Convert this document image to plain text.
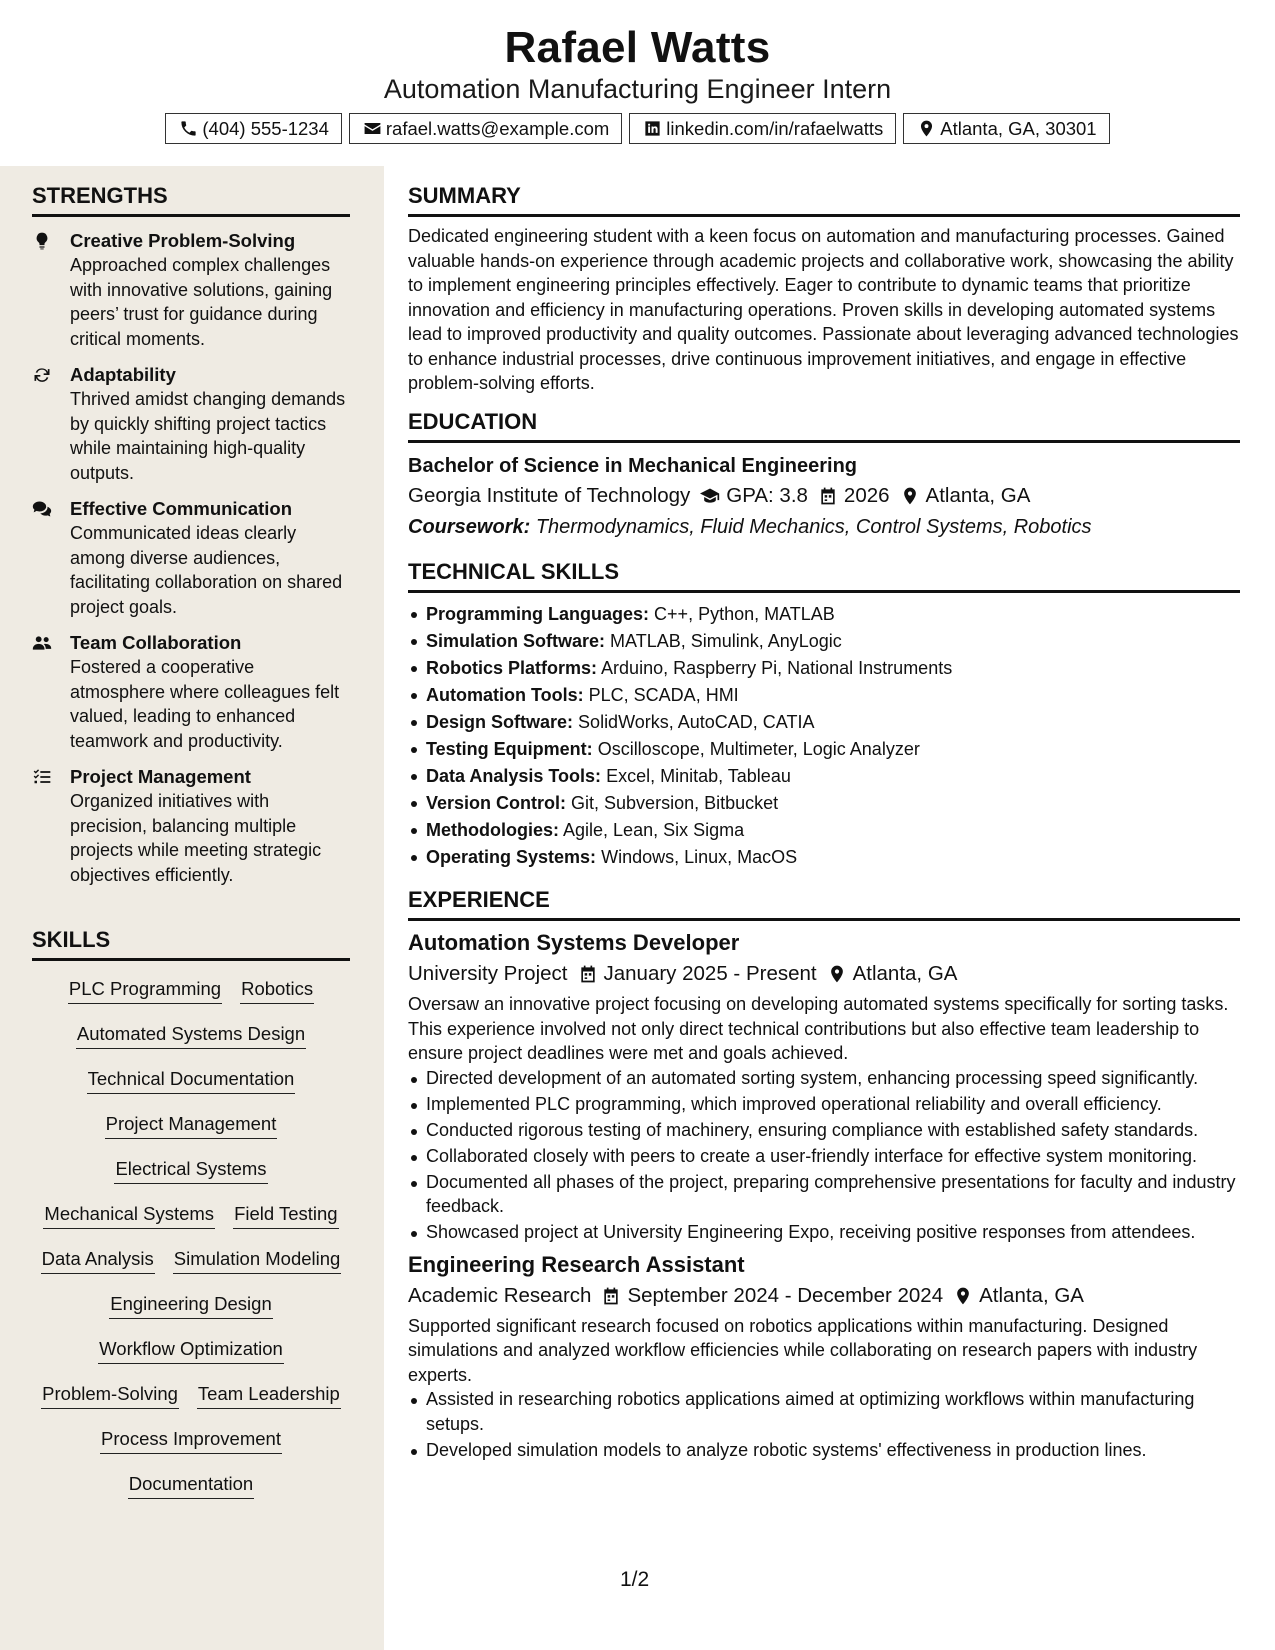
Rafael Watts
Automation Manufacturing Engineer Intern
(404) 555-1234	rafael.watts@example.com	linkedin.com/in/rafaelwatts	Atlanta, GA, 30301
STRENGTHS
Creative Problem-Solving
Approached complex challenges with innovative solutions, gaining peers’ trust for guidance during critical moments.
Adaptability
Thrived amidst changing demands by quickly shifting project tactics while maintaining high-quality outputs.
Effective Communication
Communicated ideas clearly among diverse audiences, facilitating collaboration on shared project goals.
Team Collaboration
Fostered a cooperative atmosphere where colleagues felt valued, leading to enhanced teamwork and productivity.
Project Management
Organized initiatives with precision, balancing multiple projects while meeting strategic objectives efficiently.
SKILLS
PLC Programming Robotics
Automated Systems Design
Technical Documentation
Project Management
Electrical Systems
Mechanical Systems Field Testing
Data Analysis Simulation Modeling
Engineering Design
Workflow Optimization
Problem-Solving Team Leadership
Process Improvement
Documentation
SUMMARY
Dedicated engineering student with a keen focus on automation and manufacturing processes. Gained valuable hands-on experience through academic projects and collaborative work, showcasing the ability to implement engineering principles effectively. Eager to contribute to dynamic teams that prioritize innovation and efficiency in manufacturing operations. Proven skills in developing automated systems lead to improved productivity and quality outcomes. Passionate about leveraging advanced technologies to enhance industrial processes, drive continuous improvement initiatives, and engage in effective problem-solving efforts.
EDUCATION
Bachelor of Science in Mechanical Engineering
Georgia Institute of Technology GPA: 3.8 2026 Atlanta, GA
Coursework: Thermodynamics, Fluid Mechanics, Control Systems, Robotics
TECHNICAL SKILLS
Programming Languages: C++, Python, MATLAB
Simulation Software: MATLAB, Simulink, AnyLogic
Robotics Platforms: Arduino, Raspberry Pi, National Instruments
Automation Tools: PLC, SCADA, HMI
Design Software: SolidWorks, AutoCAD, CATIA
Testing Equipment: Oscilloscope, Multimeter, Logic Analyzer
Data Analysis Tools: Excel, Minitab, Tableau
Version Control: Git, Subversion, Bitbucket
Methodologies: Agile, Lean, Six Sigma
Operating Systems: Windows, Linux, MacOS
EXPERIENCE
Automation Systems Developer
University Project January 2025 - Present Atlanta, GA
Oversaw an innovative project focusing on developing automated systems specifically for sorting tasks. This experience involved not only direct technical contributions but also effective team leadership to ensure project deadlines were met and goals achieved.
Directed development of an automated sorting system, enhancing processing speed significantly.
Implemented PLC programming, which improved operational reliability and overall efficiency.
Conducted rigorous testing of machinery, ensuring compliance with established safety standards.
Collaborated closely with peers to create a user-friendly interface for effective system monitoring.
Documented all phases of the project, preparing comprehensive presentations for faculty and industry feedback.
Showcased project at University Engineering Expo, receiving positive responses from attendees.
Engineering Research Assistant
Academic Research September 2024 - December 2024 Atlanta, GA
Supported significant research focused on robotics applications within manufacturing. Designed simulations and analyzed workflow efficiencies while collaborating on research papers with industry experts.
Assisted in researching robotics applications aimed at optimizing workflows within manufacturing setups.
Developed simulation models to analyze robotic systems' effectiveness in production lines.
1/2
